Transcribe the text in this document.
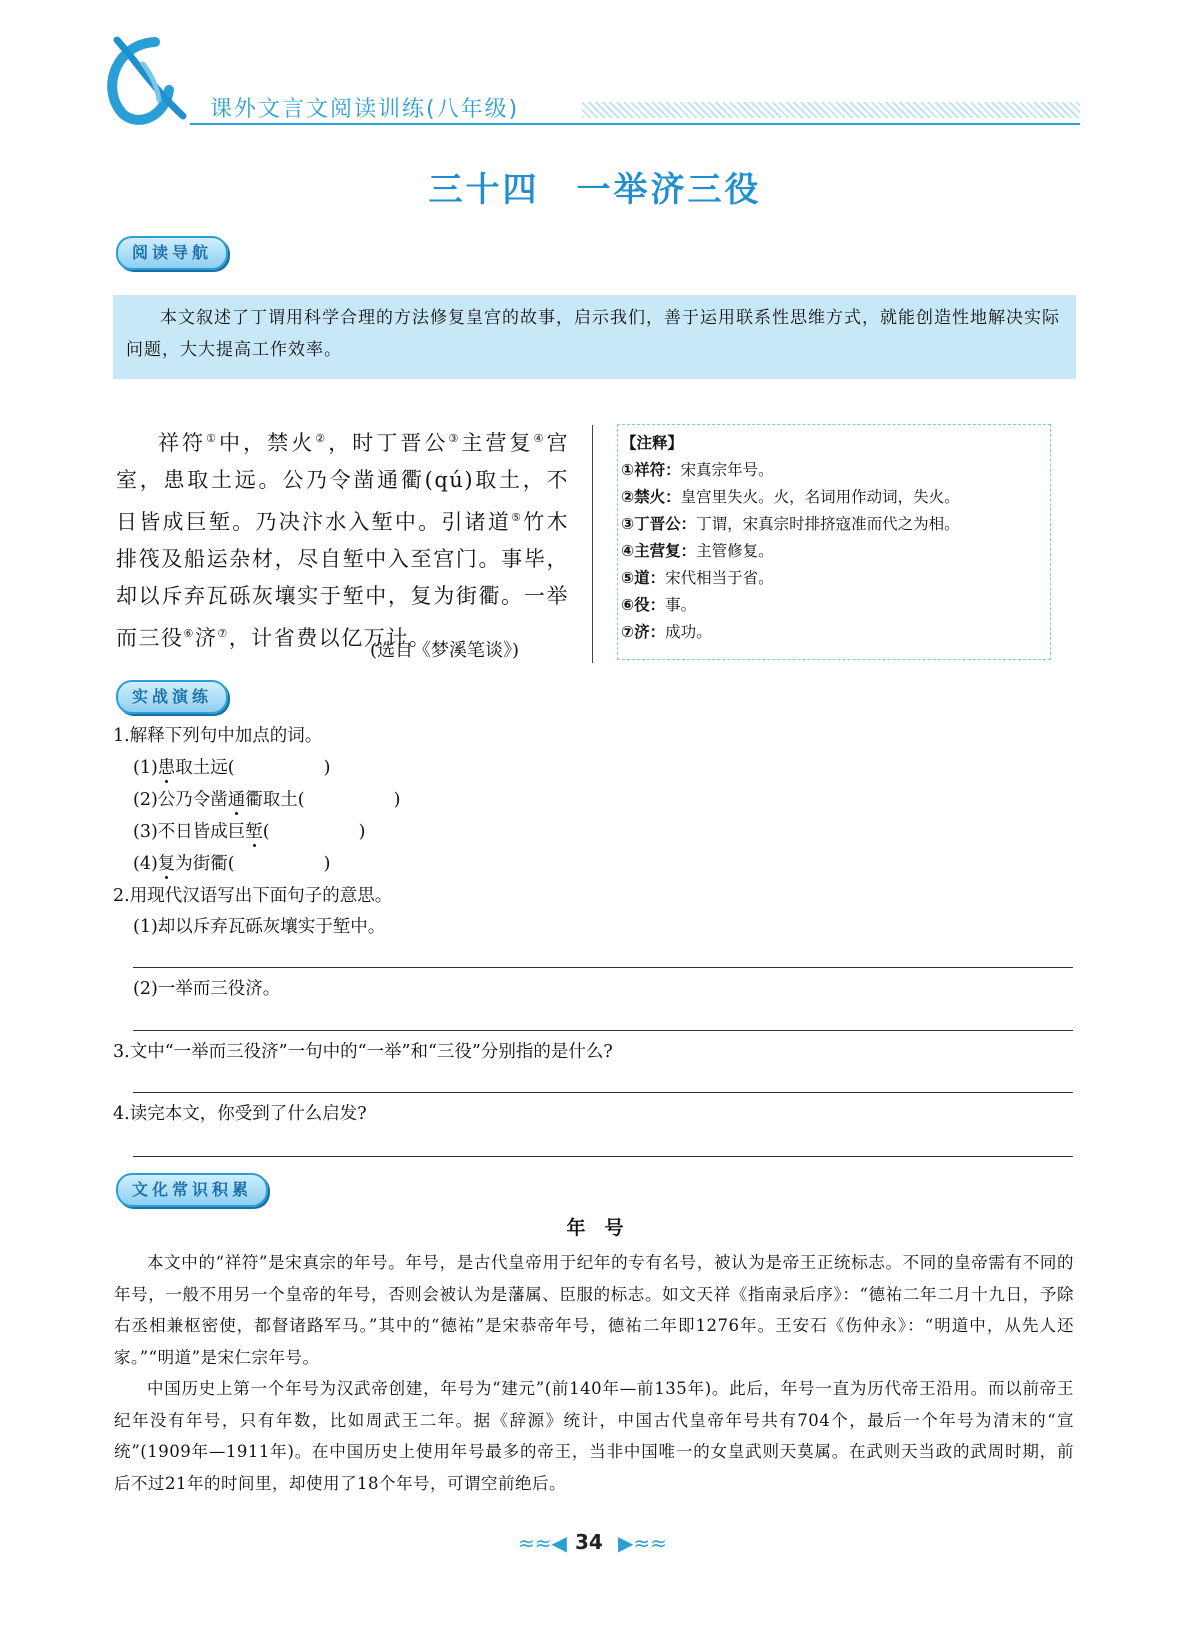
课外文言文阅读训练(八年级)
三十四　一举济三役
阅读导航
本文叙述了丁谓用科学合理的方法修复皇宫的故事，启示我们，善于运用联系性思维方式，就能创造性地解决实际问题，大大提高工作效率。
祥符①中，禁火②，时丁晋公③主营复④宫室，患取土远。公乃令凿通衢(qú)取土，不日皆成巨堑。乃决汴水入堑中。引诸道⑤竹木排筏及船运杂材，尽自堑中入至宫门。事毕，却以斥弃瓦砾灰壤实于堑中，复为街衢。一举而三役⑥济⑦，计省费以亿万计。
(选自《梦溪笔谈》)
【注释】
①祥符：宋真宗年号。
②禁火：皇宫里失火。火，名词用作动词，失火。
③丁晋公：丁谓，宋真宗时排挤寇准而代之为相。
④主营复：主管修复。
⑤道：宋代相当于省。
⑥役：事。
⑦济：成功。
实战演练
1.解释下列句中加点的词。
(1)患取土远(                )
(2)公乃令凿通衢取土(                )
(3)不日皆成巨堑(                )
(4)复为街衢(                )
2.用现代汉语写出下面句子的意思。
(1)却以斥弃瓦砾灰壤实于堑中。
(2)一举而三役济。
3.文中“一举而三役济”一句中的“一举”和“三役”分别指的是什么?
4.读完本文，你受到了什么启发?
文化常识积累
年　号

本文中的“祥符”是宋真宗的年号。年号，是古代皇帝用于纪年的专有名号，被认为是帝王正统标志。不同的皇帝需有不同的年号，一般不用另一个皇帝的年号，否则会被认为是藩属、臣服的标志。如文天祥《指南录后序》：“德祐二年二月十九日，予除右丞相兼枢密使，都督诸路军马。”其中的“德祐”是宋恭帝年号，德祐二年即1276年。王安石《伤仲永》：“明道中，从先人还家。”“明道”是宋仁宗年号。

中国历史上第一个年号为汉武帝创建，年号为“建元”(前140年—前135年)。此后，年号一直为历代帝王沿用。而以前帝王纪年没有年号，只有年数，比如周武王二年。据《辞源》统计，中国古代皇帝年号共有704个，最后一个年号为清末的“宣统”(1909年—1911年)。在中国历史上使用年号最多的帝王，当非中国唯一的女皇武则天莫属。在武则天当政的武周时期，前后不过21年的时间里，却使用了18个年号，可谓空前绝后。

≈≈◀ 34 ▶≈≈
